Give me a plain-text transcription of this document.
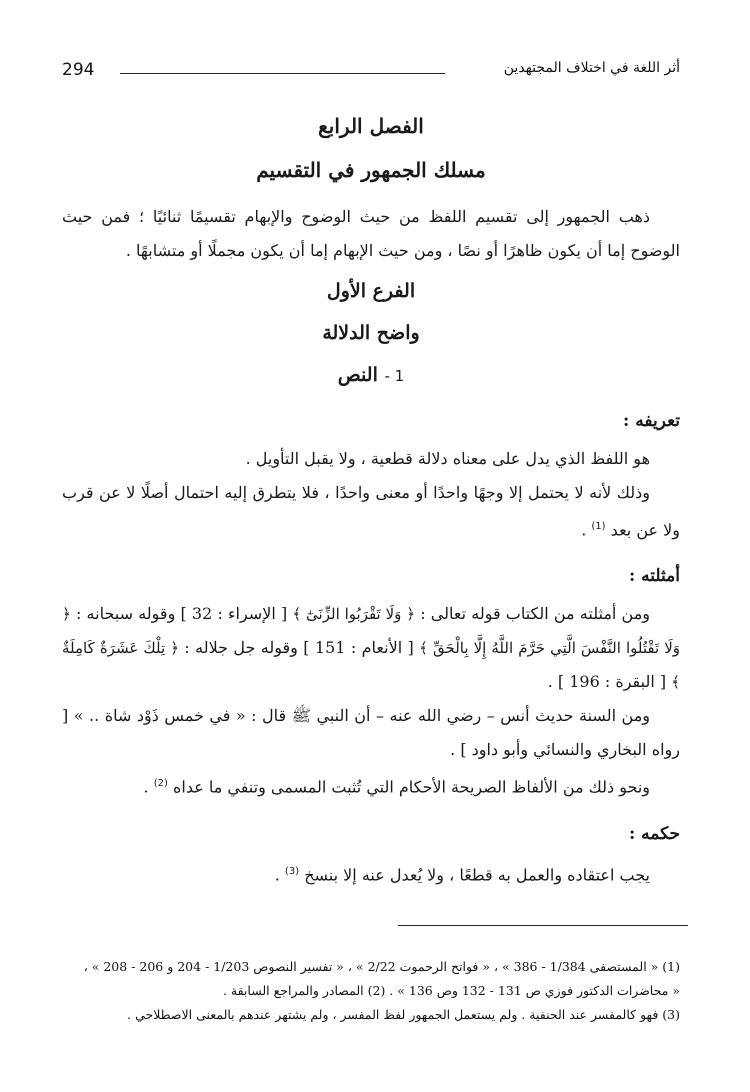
294	أثر اللغة في اختلاف المجتهدين
الفصل الرابع
مسلك الجمهور في التقسيم

ذهب الجمهور إلى تقسيم اللفظ من حيث الوضوح والإبهام تقسيمًا ثنائيًا ؛ فمن حيث الوضوح إما أن يكون ظاهرًا أو نصًا ، ومن حيث الإبهام إما أن يكون مجملًا أو متشابهًا .

الفرع الأول
واضح الدلالة
1 - النص
تعريفه :

هو اللفظ الذي يدل على معناه دلالة قطعية ، ولا يقبل التأويل .

وذلك لأنه لا يحتمل إلا وجهًا واحدًا أو معنى واحدًا ، فلا يتطرق إليه احتمال أصلًا لا عن قرب ولا عن بعد $^{(1)}$ .

أمثلته :

ومن أمثلته من الكتاب قوله تعالى : ﴿ وَلَا تَقْرَبُوا الزِّنَىٰٓ ﴾ [ الإسراء : 32 ] وقوله سبحانه : ﴿ وَلَا تَقْتُلُوا النَّفْسَ الَّتِي حَرَّمَ اللَّهُ إِلَّا بِالْحَقِّ ﴾ [ الأنعام : 151 ] وقوله جل جلاله : ﴿ تِلْكَ عَشَرَةٌ كَامِلَةٌ ﴾ [ البقرة : 196 ] .

ومن السنة حديث أنس – رضي الله عنه – أن النبي ﷺ قال : « في خمس ذَوْد شاة .. » [ رواه البخاري والنسائي وأبو داود ] .

ونحو ذلك من الألفاظ الصريحة الأحكام التي تُثبت المسمى وتنفي ما عداه $^{(2)}$ .

حكمه :

يجب اعتقاده والعمل به قطعًا ، ولا يُعدل عنه إلا بنسخ $^{(3)}$ .

(1) « المستصفى 1/384 - 386 » ، « فواتح الرحموت 2/22 » ، « تفسير النصوص 1/203 - 204 و 206 - 208 » ،
« محاضرات الدكتور فوزي ص 131 - 132 وص 136 » . (2) المصادر والمراجع السابقة .
(3) فهو كالمفسر عند الحنفية . ولم يستعمل الجمهور لفظ المفسر ، ولم يشتهر عندهم بالمعنى الاصطلاحي .
